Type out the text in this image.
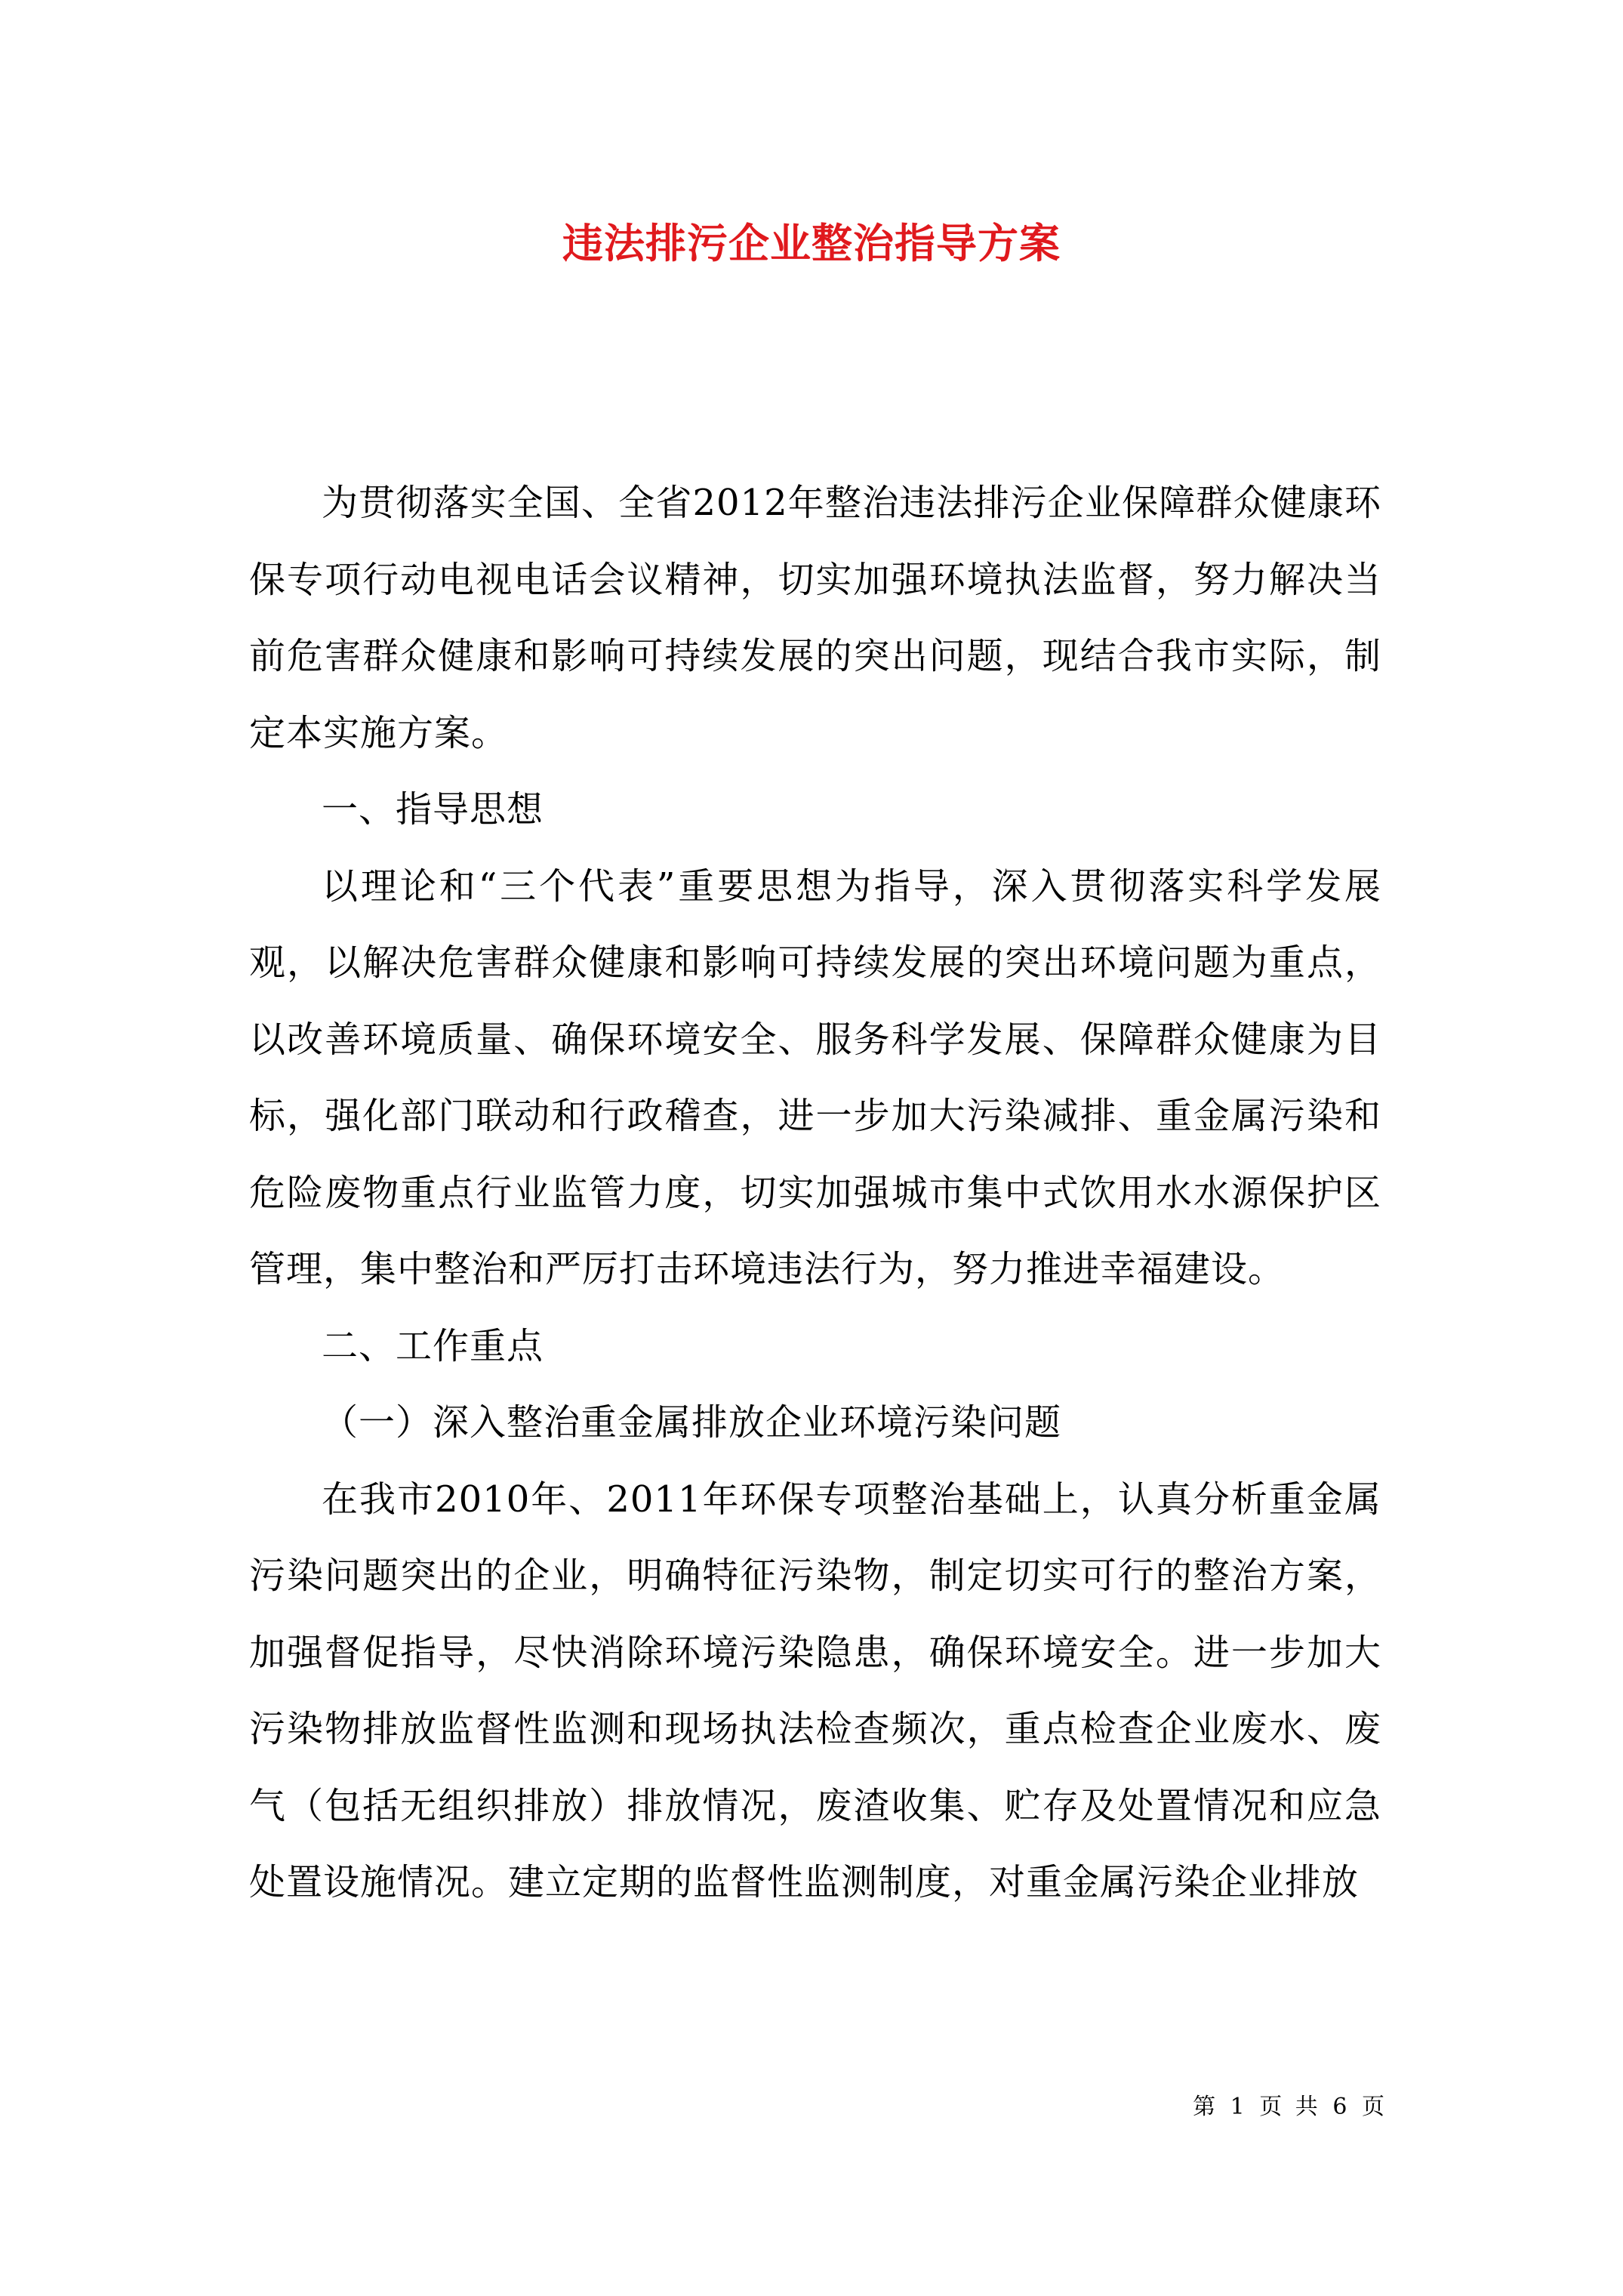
违法排污企业整治指导方案

为贯彻落实全国、全省2012年整治违法排污企业保障群众健康环保专项行动电视电话会议精神，切实加强环境执法监督，努力解决当前危害群众健康和影响可持续发展的突出问题，现结合我市实际，制定本实施方案。

一、指导思想

以理论和“三个代表”重要思想为指导，深入贯彻落实科学发展观，以解决危害群众健康和影响可持续发展的突出环境问题为重点，以改善环境质量、确保环境安全、服务科学发展、保障群众健康为目标，强化部门联动和行政稽查，进一步加大污染减排、重金属污染和危险废物重点行业监管力度，切实加强城市集中式饮用水水源保护区管理，集中整治和严厉打击环境违法行为，努力推进幸福建设。

二、工作重点

（一）深入整治重金属排放企业环境污染问题

在我市2010年、2011年环保专项整治基础上，认真分析重金属污染问题突出的企业，明确特征污染物，制定切实可行的整治方案，加强督促指导，尽快消除环境污染隐患，确保环境安全。进一步加大污染物排放监督性监测和现场执法检查频次，重点检查企业废水、废气（包括无组织排放）排放情况，废渣收集、贮存及处置情况和应急处置设施情况。建立定期的监督性监测制度，对重金属污染企业排放

第 1 页 共 6 页
